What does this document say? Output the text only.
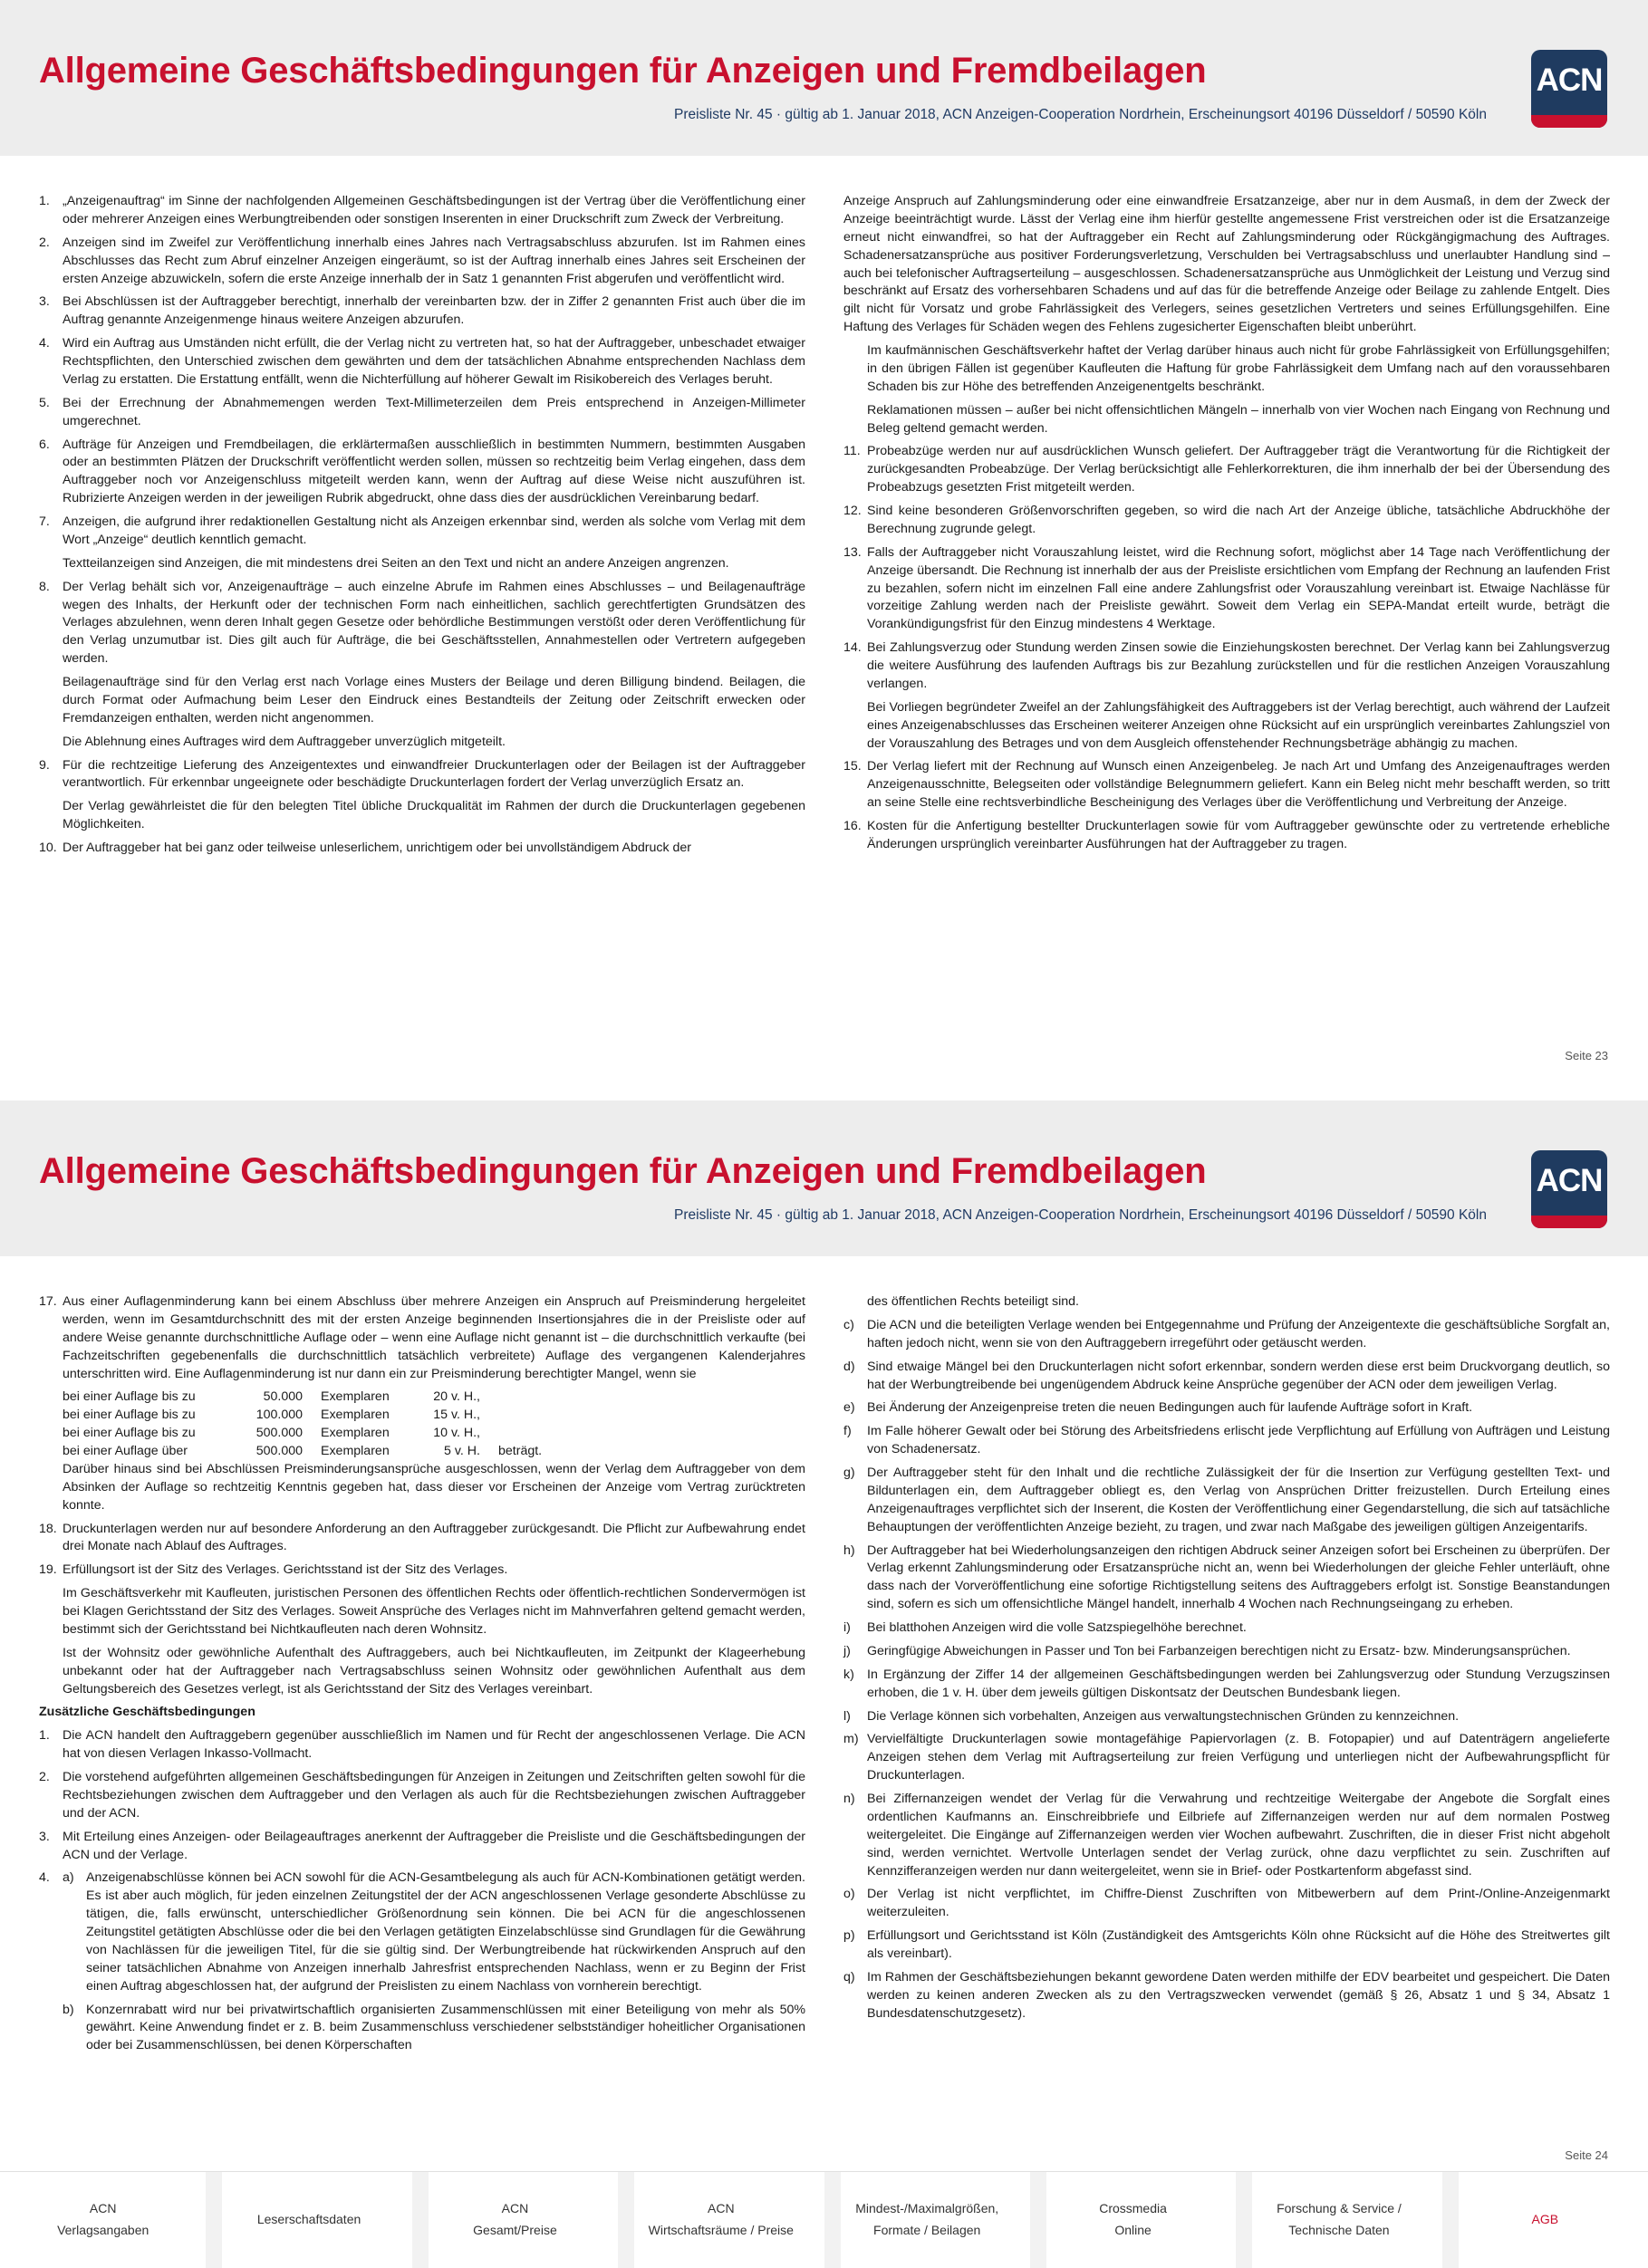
Allgemeine Geschäftsbedingungen für Anzeigen und Fremdbeilagen
Preisliste Nr. 45 · gültig ab 1. Januar 2018, ACN Anzeigen-Cooperation Nordrhein, Erscheinungsort 40196 Düsseldorf / 50590 Köln
ACN
1. „Anzeigenauftrag“ im Sinne der nachfolgenden Allgemeinen Geschäftsbedingungen ist der Vertrag über die Veröffentlichung einer oder mehrerer Anzeigen eines Werbungtreibenden oder sonstigen Inserenten in einer Druckschrift zum Zweck der Verbreitung.
2. Anzeigen sind im Zweifel zur Veröffentlichung innerhalb eines Jahres nach Vertragsabschluss abzurufen. Ist im Rahmen eines Abschlusses das Recht zum Abruf einzelner Anzeigen eingeräumt, so ist der Auftrag innerhalb eines Jahres seit Erscheinen der ersten Anzeige abzuwickeln, sofern die erste Anzeige innerhalb der in Satz 1 genannten Frist abgerufen und veröffentlicht wird.
3. Bei Abschlüssen ist der Auftraggeber berechtigt, innerhalb der vereinbarten bzw. der in Ziffer 2 genannten Frist auch über die im Auftrag genannte Anzeigenmenge hinaus weitere Anzeigen abzurufen.
4. Wird ein Auftrag aus Umständen nicht erfüllt, die der Verlag nicht zu vertreten hat, so hat der Auftraggeber, unbeschadet etwaiger Rechtspflichten, den Unterschied zwischen dem gewährten und dem der tatsächlichen Abnahme entsprechenden Nachlass dem Verlag zu erstatten. Die Erstattung entfällt, wenn die Nichterfüllung auf höherer Gewalt im Risikobereich des Verlages beruht.
5. Bei der Errechnung der Abnahmemengen werden Text-Millimeterzeilen dem Preis entsprechend in Anzeigen-Millimeter umgerechnet.
6. Aufträge für Anzeigen und Fremdbeilagen, die erklärtermaßen ausschließlich in bestimmten Nummern, bestimmten Ausgaben oder an bestimmten Plätzen der Druckschrift veröffentlicht werden sollen, müssen so rechtzeitig beim Verlag eingehen, dass dem Auftraggeber noch vor Anzeigenschluss mitgeteilt werden kann, wenn der Auftrag auf diese Weise nicht auszuführen ist. Rubrizierte Anzeigen werden in der jeweiligen Rubrik abgedruckt, ohne dass dies der ausdrücklichen Vereinbarung bedarf.
7. Anzeigen, die aufgrund ihrer redaktionellen Gestaltung nicht als Anzeigen erkennbar sind, werden als solche vom Verlag mit dem Wort „Anzeige“ deutlich kenntlich gemacht.
Textteilanzeigen sind Anzeigen, die mit mindestens drei Seiten an den Text und nicht an andere Anzeigen angrenzen.
8. Der Verlag behält sich vor, Anzeigenaufträge – auch einzelne Abrufe im Rahmen eines Abschlusses – und Beilagenaufträge wegen des Inhalts, der Herkunft oder der technischen Form nach einheitlichen, sachlich gerechtfertigten Grundsätzen des Verlages abzulehnen, wenn deren Inhalt gegen Gesetze oder behördliche Bestimmungen verstößt oder deren Veröffentlichung für den Verlag unzumutbar ist. Dies gilt auch für Aufträge, die bei Geschäftsstellen, Annahmestellen oder Vertretern aufgegeben werden.
Beilagenaufträge sind für den Verlag erst nach Vorlage eines Musters der Beilage und deren Billigung bindend. Beilagen, die durch Format oder Aufmachung beim Leser den Eindruck eines Bestandteils der Zeitung oder Zeitschrift erwecken oder Fremdanzeigen enthalten, werden nicht angenommen.
Die Ablehnung eines Auftrages wird dem Auftraggeber unverzüglich mitgeteilt.
9. Für die rechtzeitige Lieferung des Anzeigentextes und einwandfreier Druckunterlagen oder der Beilagen ist der Auftraggeber verantwortlich. Für erkennbar ungeeignete oder beschädigte Druckunterlagen fordert der Verlag unverzüglich Ersatz an.
Der Verlag gewährleistet die für den belegten Titel übliche Druckqualität im Rahmen der durch die Druckunterlagen gegebenen Möglichkeiten.
10. Der Auftraggeber hat bei ganz oder teilweise unleserlichem, unrichtigem oder bei unvollständigem Abdruck der
Anzeige Anspruch auf Zahlungsminderung oder eine einwandfreie Ersatzanzeige, aber nur in dem Ausmaß, in dem der Zweck der Anzeige beeinträchtigt wurde. Lässt der Verlag eine ihm hierfür gestellte angemessene Frist verstreichen oder ist die Ersatzanzeige erneut nicht einwandfrei, so hat der Auftraggeber ein Recht auf Zahlungsminderung oder Rückgängigmachung des Auftrages. Schadenersatzansprüche aus positiver Forderungsverletzung, Verschulden bei Vertragsabschluss und unerlaubter Handlung sind – auch bei telefonischer Auftragserteilung – ausgeschlossen. Schadenersatzansprüche aus Unmöglichkeit der Leistung und Verzug sind beschränkt auf Ersatz des vorhersehbaren Schadens und auf das für die betreffende Anzeige oder Beilage zu zahlende Entgelt. Dies gilt nicht für Vorsatz und grobe Fahrlässigkeit des Verlegers, seines gesetzlichen Vertreters und seines Erfüllungsgehilfen. Eine Haftung des Verlages für Schäden wegen des Fehlens zugesicherter Eigenschaften bleibt unberührt.
Im kaufmännischen Geschäftsverkehr haftet der Verlag darüber hinaus auch nicht für grobe Fahrlässigkeit von Erfüllungsgehilfen; in den übrigen Fällen ist gegenüber Kaufleuten die Haftung für grobe Fahrlässigkeit dem Umfang nach auf den voraussehbaren Schaden bis zur Höhe des betreffenden Anzeigenentgelts beschränkt.
Reklamationen müssen – außer bei nicht offensichtlichen Mängeln – innerhalb von vier Wochen nach Eingang von Rechnung und Beleg geltend gemacht werden.
11. Probeabzüge werden nur auf ausdrücklichen Wunsch geliefert. Der Auftraggeber trägt die Verantwortung für die Richtigkeit der zurückgesandten Probeabzüge. Der Verlag berücksichtigt alle Fehlerkorrekturen, die ihm innerhalb der bei der Übersendung des Probeabzugs gesetzten Frist mitgeteilt werden.
12. Sind keine besonderen Größenvorschriften gegeben, so wird die nach Art der Anzeige übliche, tatsächliche Abdruckhöhe der Berechnung zugrunde gelegt.
13. Falls der Auftraggeber nicht Vorauszahlung leistet, wird die Rechnung sofort, möglichst aber 14 Tage nach Veröffentlichung der Anzeige übersandt. Die Rechnung ist innerhalb der aus der Preisliste ersichtlichen vom Empfang der Rechnung an laufenden Frist zu bezahlen, sofern nicht im einzelnen Fall eine andere Zahlungsfrist oder Vorauszahlung vereinbart ist. Etwaige Nachlässe für vorzeitige Zahlung werden nach der Preisliste gewährt. Soweit dem Verlag ein SEPA-Mandat erteilt wurde, beträgt die Vorankündigungsfrist für den Einzug mindestens 4 Werktage.
14. Bei Zahlungsverzug oder Stundung werden Zinsen sowie die Einziehungskosten berechnet. Der Verlag kann bei Zahlungsverzug die weitere Ausführung des laufenden Auftrags bis zur Bezahlung zurückstellen und für die restlichen Anzeigen Vorauszahlung verlangen.
Bei Vorliegen begründeter Zweifel an der Zahlungsfähigkeit des Auftraggebers ist der Verlag berechtigt, auch während der Laufzeit eines Anzeigenabschlusses das Erscheinen weiterer Anzeigen ohne Rücksicht auf ein ursprünglich vereinbartes Zahlungsziel von der Vorauszahlung des Betrages und von dem Ausgleich offenstehender Rechnungsbeträge abhängig zu machen.
15. Der Verlag liefert mit der Rechnung auf Wunsch einen Anzeigenbeleg. Je nach Art und Umfang des Anzeigenauftrages werden Anzeigenausschnitte, Belegseiten oder vollständige Belegnummern geliefert. Kann ein Beleg nicht mehr beschafft werden, so tritt an seine Stelle eine rechtsverbindliche Bescheinigung des Verlages über die Veröffentlichung und Verbreitung der Anzeige.
16. Kosten für die Anfertigung bestellter Druckunterlagen sowie für vom Auftraggeber gewünschte oder zu vertretende erhebliche Änderungen ursprünglich vereinbarter Ausführungen hat der Auftraggeber zu tragen.
Seite 23
Allgemeine Geschäftsbedingungen für Anzeigen und Fremdbeilagen
Preisliste Nr. 45 · gültig ab 1. Januar 2018, ACN Anzeigen-Cooperation Nordrhein, Erscheinungsort 40196 Düsseldorf / 50590 Köln
ACN
17. Aus einer Auflagenminderung kann bei einem Abschluss über mehrere Anzeigen ein Anspruch auf Preisminderung hergeleitet werden, wenn im Gesamtdurchschnitt des mit der ersten Anzeige beginnenden Insertionsjahres die in der Preisliste oder auf andere Weise genannte durchschnittliche Auflage oder – wenn eine Auflage nicht genannt ist – die durchschnittlich verkaufte (bei Fachzeitschriften gegebenenfalls die durchschnittlich tatsächlich verbreitete) Auflage des vergangenen Kalenderjahres unterschritten wird. Eine Auflagenminderung ist nur dann ein zur Preisminderung berechtigter Mangel, wenn sie
bei einer Auflage bis zu	50.000	Exemplaren	20 v. H.,
bei einer Auflage bis zu	100.000	Exemplaren	15 v. H.,
bei einer Auflage bis zu	500.000	Exemplaren	10 v. H.,
bei einer Auflage über	500.000	Exemplaren	5 v. H.	beträgt.
Darüber hinaus sind bei Abschlüssen Preisminderungsansprüche ausgeschlossen, wenn der Verlag dem Auftraggeber von dem Absinken der Auflage so rechtzeitig Kenntnis gegeben hat, dass dieser vor Erscheinen der Anzeige vom Vertrag zurücktreten konnte.
18. Druckunterlagen werden nur auf besondere Anforderung an den Auftraggeber zurückgesandt. Die Pflicht zur Aufbewahrung endet drei Monate nach Ablauf des Auftrages.
19. Erfüllungsort ist der Sitz des Verlages. Gerichtsstand ist der Sitz des Verlages.
Im Geschäftsverkehr mit Kaufleuten, juristischen Personen des öffentlichen Rechts oder öffentlich-rechtlichen Sondervermögen ist bei Klagen Gerichtsstand der Sitz des Verlages. Soweit Ansprüche des Verlages nicht im Mahnverfahren geltend gemacht werden, bestimmt sich der Gerichtsstand bei Nichtkaufleuten nach deren Wohnsitz.
Ist der Wohnsitz oder gewöhnliche Aufenthalt des Auftraggebers, auch bei Nichtkaufleuten, im Zeitpunkt der Klageerhebung unbekannt oder hat der Auftraggeber nach Vertragsabschluss seinen Wohnsitz oder gewöhnlichen Aufenthalt aus dem Geltungsbereich des Gesetzes verlegt, ist als Gerichtsstand der Sitz des Verlages vereinbart.
Zusätzliche Geschäftsbedingungen
1. Die ACN handelt den Auftraggebern gegenüber ausschließlich im Namen und für Recht der angeschlossenen Verlage. Die ACN hat von diesen Verlagen Inkasso-Vollmacht.
2. Die vorstehend aufgeführten allgemeinen Geschäftsbedingungen für Anzeigen in Zeitungen und Zeitschriften gelten sowohl für die Rechtsbeziehungen zwischen dem Auftraggeber und den Verlagen als auch für die Rechtsbeziehungen zwischen Auftraggeber und der ACN.
3. Mit Erteilung eines Anzeigen- oder Beilageauftrages anerkennt der Auftraggeber die Preisliste und die Geschäftsbedingungen der ACN und der Verlage.
4. a) Anzeigenabschlüsse können bei ACN sowohl für die ACN-Gesamtbelegung als auch für ACN-Kombinationen getätigt werden. Es ist aber auch möglich, für jeden einzelnen Zeitungstitel der der ACN angeschlossenen Verlage gesonderte Abschlüsse zu tätigen, die, falls erwünscht, unterschiedlicher Größenordnung sein können. Die bei ACN für die angeschlossenen Zeitungstitel getätigten Abschlüsse oder die bei den Verlagen getätigten Einzelabschlüsse sind Grundlagen für die Gewährung von Nachlässen für die jeweiligen Titel, für die sie gültig sind. Der Werbungtreibende hat rückwirkenden Anspruch auf den seiner tatsächlichen Abnahme von Anzeigen innerhalb Jahresfrist entsprechenden Nachlass, wenn er zu Beginn der Frist einen Auftrag abgeschlossen hat, der aufgrund der Preislisten zu einem Nachlass von vornherein berechtigt.
b) Konzernrabatt wird nur bei privatwirtschaftlich organisierten Zusammenschlüssen mit einer Beteiligung von mehr als 50% gewährt. Keine Anwendung findet er z. B. beim Zusammenschluss verschiedener selbstständiger hoheitlicher Organisationen oder bei Zusammenschlüssen, bei denen Körperschaften
des öffentlichen Rechts beteiligt sind.
c) Die ACN und die beteiligten Verlage wenden bei Entgegennahme und Prüfung der Anzeigentexte die geschäftsübliche Sorgfalt an, haften jedoch nicht, wenn sie von den Auftraggebern irregeführt oder getäuscht werden.
d) Sind etwaige Mängel bei den Druckunterlagen nicht sofort erkennbar, sondern werden diese erst beim Druckvorgang deutlich, so hat der Werbungtreibende bei ungenügendem Abdruck keine Ansprüche gegenüber der ACN oder dem jeweiligen Verlag.
e) Bei Änderung der Anzeigenpreise treten die neuen Bedingungen auch für laufende Aufträge sofort in Kraft.
f)	Im Falle höherer Gewalt oder bei Störung des Arbeitsfriedens erlischt jede Verpflichtung auf Erfüllung von Aufträgen und Leistung von Schadenersatz.
g) Der Auftraggeber steht für den Inhalt und die rechtliche Zulässigkeit der für die Insertion zur Verfügung gestellten Text- und Bildunterlagen ein, dem Auftraggeber obliegt es, den Verlag von Ansprüchen Dritter freizustellen. Durch Erteilung eines Anzeigenauftrages verpflichtet sich der Inserent, die Kosten der Veröffentlichung einer Gegendarstellung, die sich auf tatsächliche Behauptungen der veröffentlichten Anzeige bezieht, zu tragen, und zwar nach Maßgabe des jeweiligen gültigen Anzeigentarifs.
h) Der Auftraggeber hat bei Wiederholungsanzeigen den richtigen Abdruck seiner Anzeigen sofort bei Erscheinen zu überprüfen. Der Verlag erkennt Zahlungsminderung oder Ersatzansprüche nicht an, wenn bei Wiederholungen der gleiche Fehler unterläuft, ohne dass nach der Vorveröffentlichung eine sofortige Richtigstellung seitens des Auftraggebers erfolgt ist. Sonstige Beanstandungen sind, sofern es sich um offensichtliche Mängel handelt, innerhalb 4 Wochen nach Rechnungseingang zu erheben.
i)	Bei blatthohen Anzeigen wird die volle Satzspiegelhöhe berechnet.
j)	Geringfügige Abweichungen in Passer und Ton bei Farbanzeigen berechtigen nicht zu Ersatz- bzw. Minderungsansprüchen.
k) In Ergänzung der Ziffer 14 der allgemeinen Geschäftsbedingungen werden bei Zahlungsverzug oder Stundung Verzugszinsen erhoben, die 1 v. H. über dem jeweils gültigen Diskontsatz der Deutschen Bundesbank liegen.
l)	Die Verlage können sich vorbehalten, Anzeigen aus verwaltungstechnischen Gründen zu kennzeichnen.
m) Vervielfältigte Druckunterlagen sowie montagefähige Papiervorlagen (z. B. Fotopapier) und auf Datenträgern angelieferte Anzeigen stehen dem Verlag mit Auftragserteilung zur freien Verfügung und unterliegen nicht der Aufbewahrungspflicht für Druckunterlagen.
n) Bei Ziffernanzeigen wendet der Verlag für die Verwahrung und rechtzeitige Weitergabe der Angebote die Sorgfalt eines ordentlichen Kaufmanns an. Einschreibbriefe und Eilbriefe auf Ziffernanzeigen werden nur auf dem normalen Postweg weitergeleitet. Die Eingänge auf Ziffernanzeigen werden vier Wochen aufbewahrt. Zuschriften, die in dieser Frist nicht abgeholt sind, werden vernichtet. Wertvolle Unterlagen sendet der Verlag zurück, ohne dazu verpflichtet zu sein. Zuschriften auf Kennzifferanzeigen werden nur dann weitergeleitet, wenn sie in Brief- oder Postkartenform abgefasst sind.
o) Der Verlag ist nicht verpflichtet, im Chiffre-Dienst Zuschriften von Mitbewerbern auf dem Print-/Online-Anzeigenmarkt weiterzuleiten.
p) Erfüllungsort und Gerichtsstand ist Köln (Zuständigkeit des Amtsgerichts Köln ohne Rücksicht auf die Höhe des Streitwertes gilt als vereinbart).
q) Im Rahmen der Geschäftsbeziehungen bekannt gewordene Daten werden mithilfe der EDV bearbeitet und gespeichert. Die Daten werden zu keinen anderen Zwecken als zu den Vertragszwecken verwendet (gemäß § 26, Absatz 1 und § 34, Absatz 1 Bundesdatenschutzgesetz).
Seite 24
ACN
Verlagsangaben
Leserschaftsdaten
ACN
Gesamt/Preise
ACN
Wirtschaftsräume / Preise
Mindest-/Maximalgrößen,
Formate / Beilagen
Crossmedia
Online
Forschung & Service /
Technische Daten
AGB
